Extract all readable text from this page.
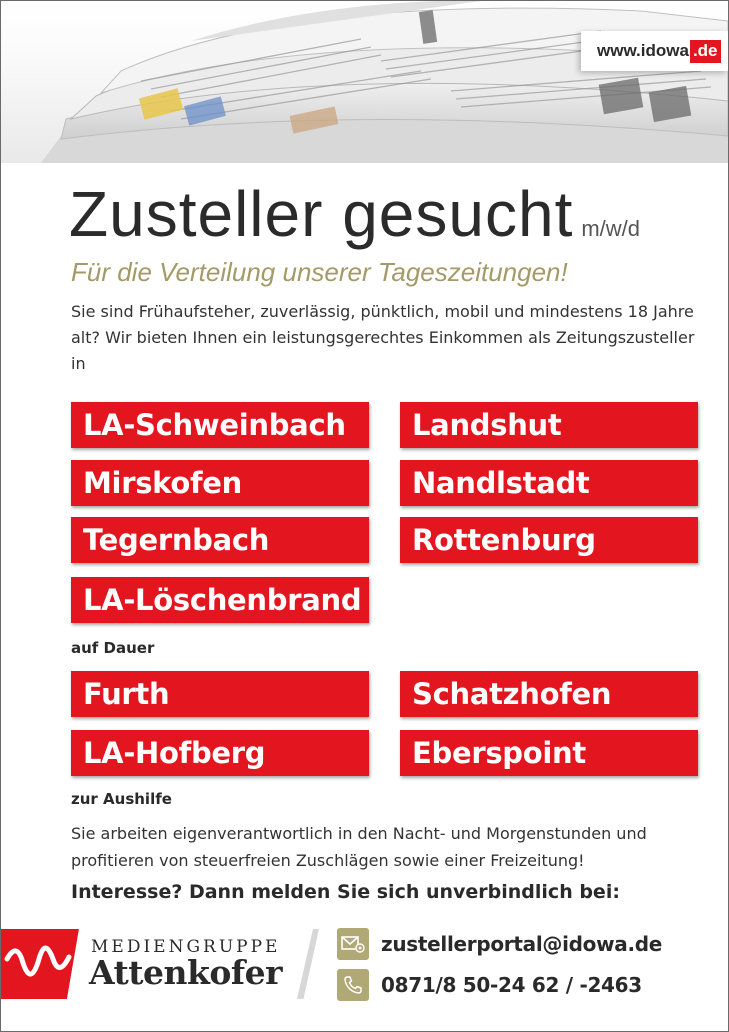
www.idowa .de
Zusteller gesucht m/w/d
Für die Verteilung unserer Tageszeitungen!
Sie sind Frühaufsteher, zuverlässig, pünktlich, mobil und mindestens 18 Jahre alt? Wir bieten Ihnen ein leistungsgerechtes Einkommen als Zeitungszusteller in
LA-Schweinbach	Landshut
Mirskofen	Nandlstadt
Tegernbach	Rottenburg
LA-Löschenbrand
auf Dauer
Furth	Schatzhofen
LA-Hofberg	Eberspoint
zur Aushilfe
Sie arbeiten eigenverantwortlich in den Nacht- und Morgenstunden und profitieren von steuerfreien Zuschlägen sowie einer Freizeitung!
Interesse? Dann melden Sie sich unverbindlich bei:
MEDIENGRUPPE
Attenkofer
zustellerportal@idowa.de
0871/8 50-24 62 / -2463
